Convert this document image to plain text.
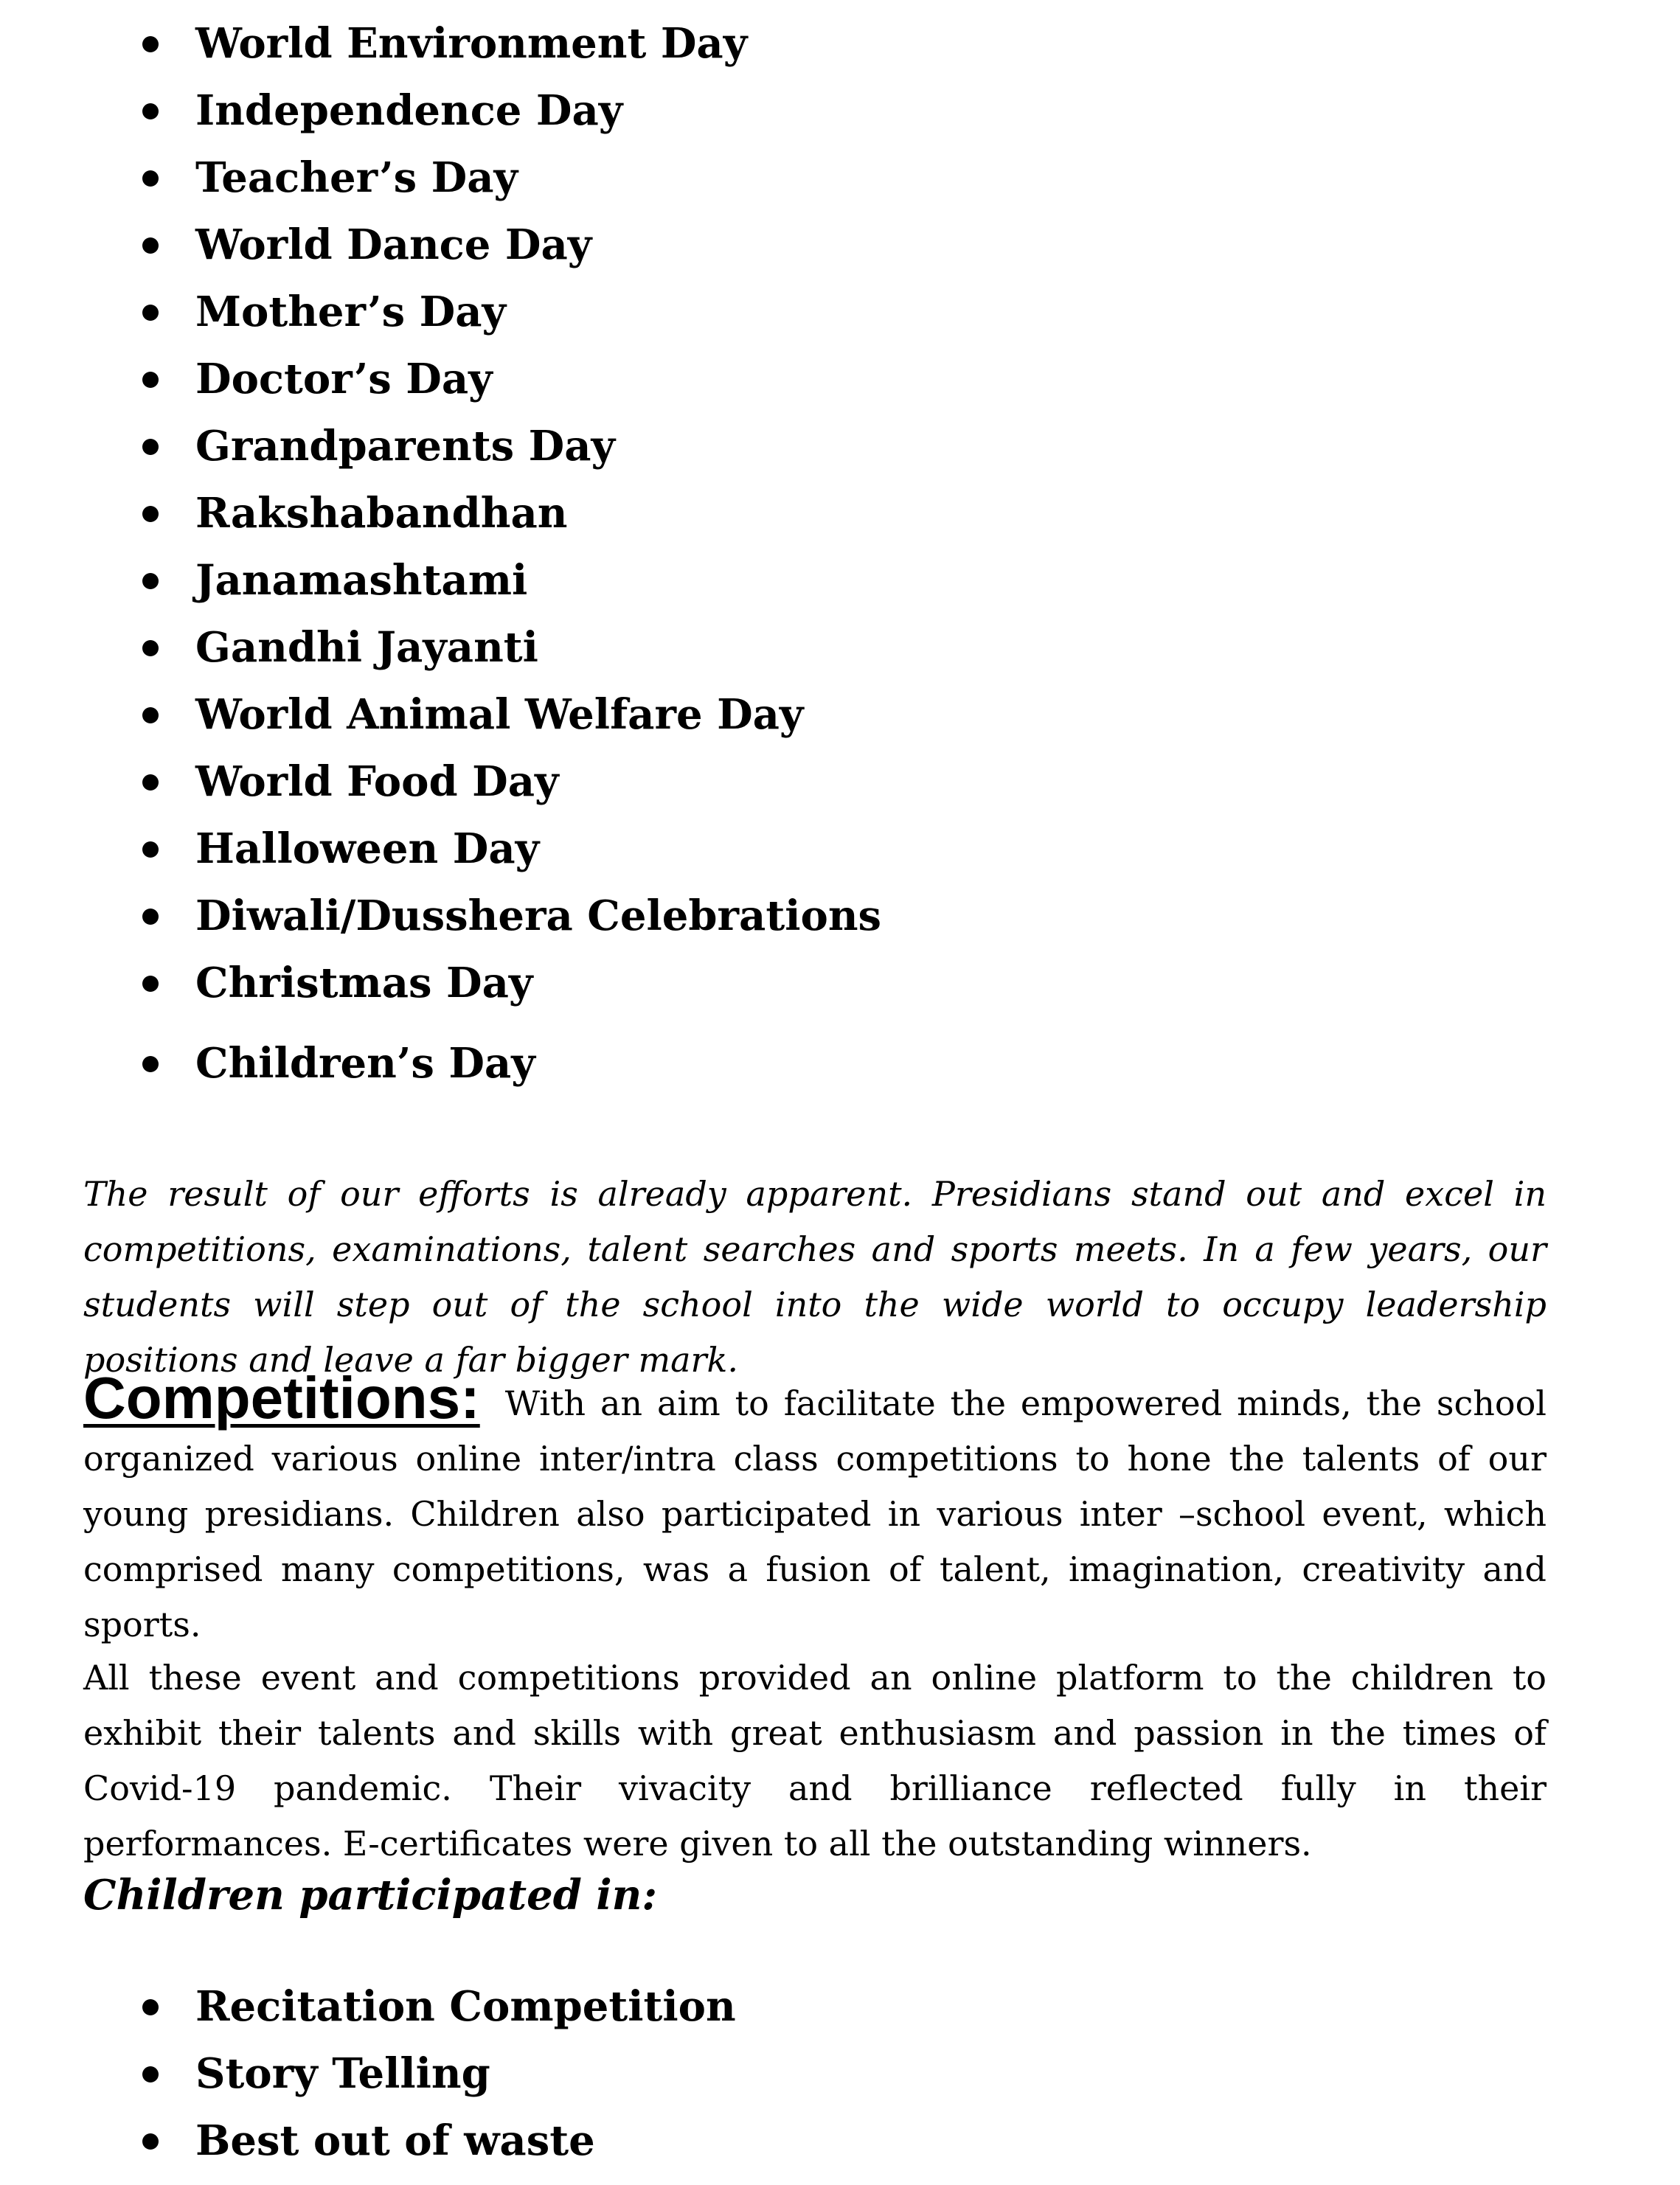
World Environment Day
Independence Day
Teacher’s Day
World Dance Day
Mother’s Day
Doctor’s Day
Grandparents Day
Rakshabandhan
Janamashtami
Gandhi Jayanti
World Animal Welfare Day
World Food Day
Halloween Day
Diwali/Dusshera Celebrations
Christmas Day
Children’s Day

The result of our efforts is already apparent. Presidians stand out and excel in competitions, examinations, talent searches and sports meets. In a few years, our students will step out of the school into the wide world to occupy leadership positions and leave a far bigger mark.

Competitions: With an aim to facilitate the empowered minds, the school organized various online inter/intra class competitions to hone the talents of our young presidians. Children also participated in various inter –school event, which comprised many competitions, was a fusion of talent, imagination, creativity and sports.

All these event and competitions provided an online platform to the children to exhibit their talents and skills with great enthusiasm and passion in the times of Covid-19 pandemic. Their vivacity and brilliance reflected fully in their performances. E-certificates were given to all the outstanding winners.

Children participated in:
Recitation Competition
Story Telling
Best out of waste
